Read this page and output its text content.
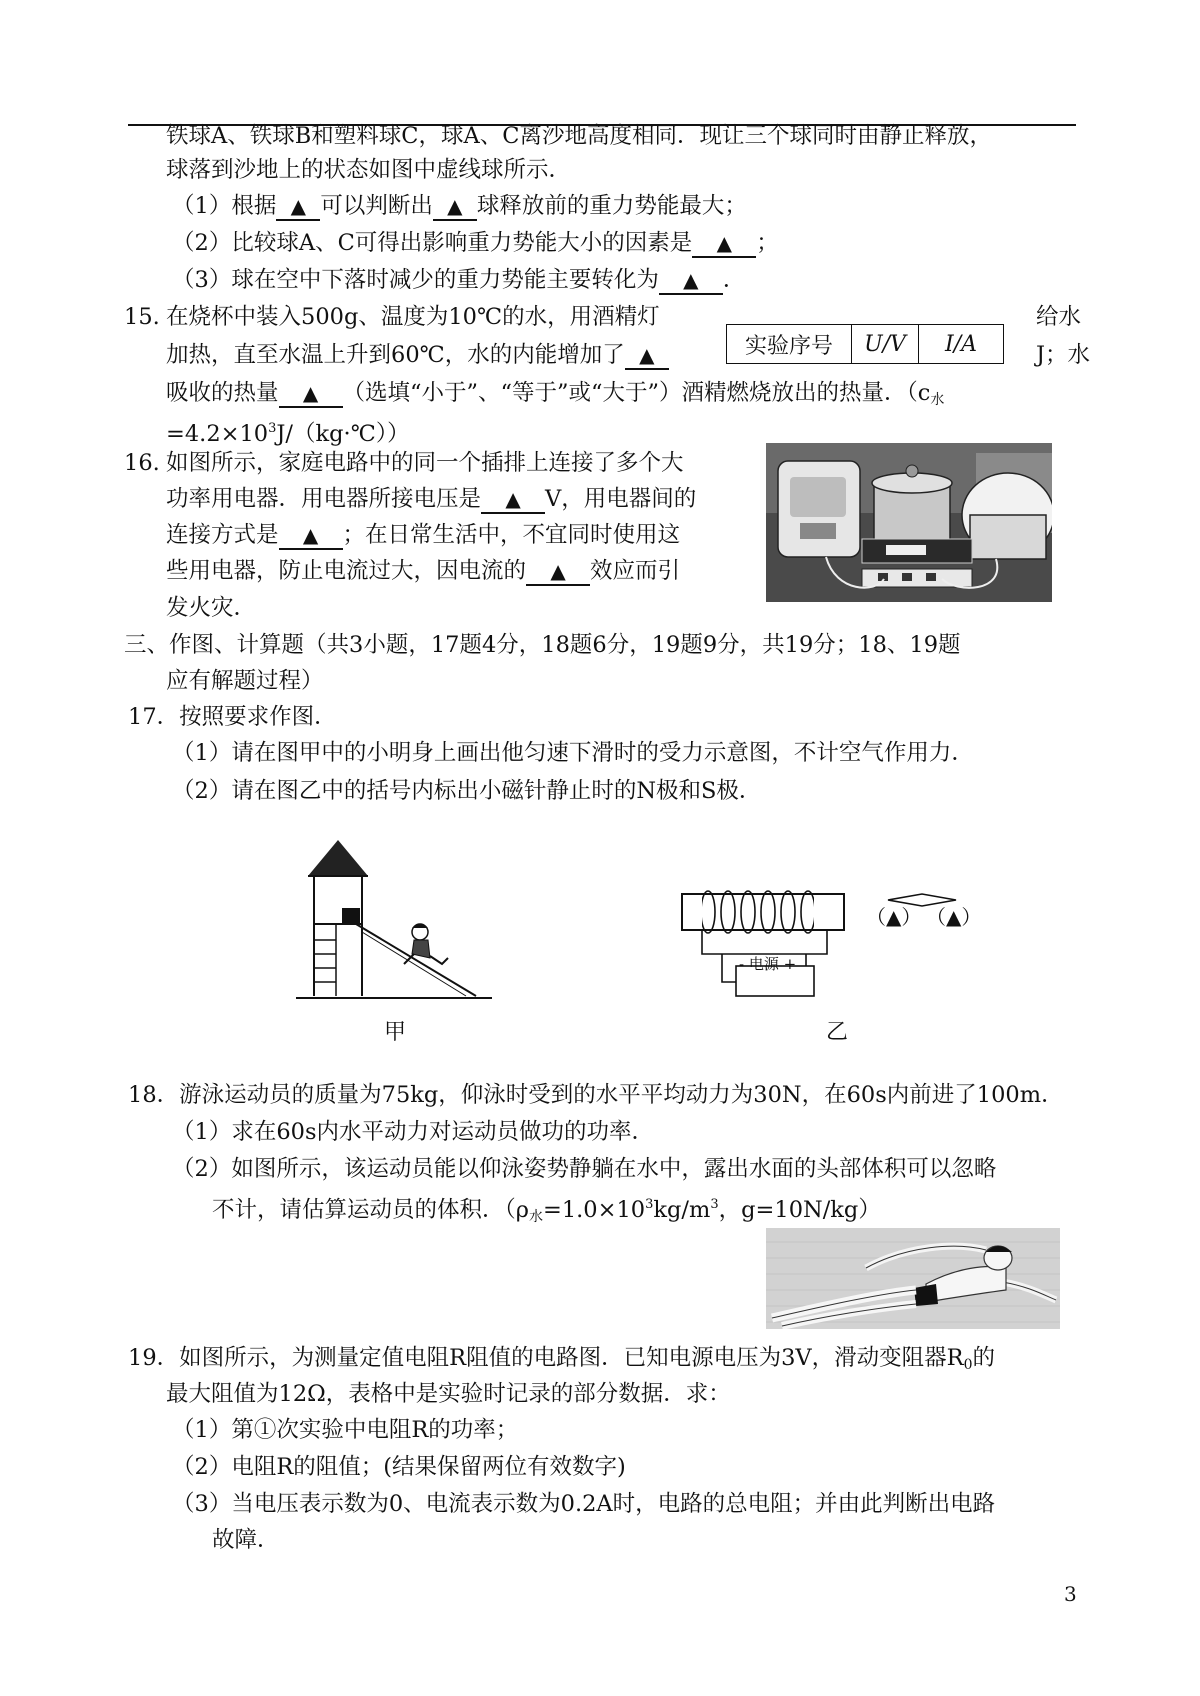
铁球A、铁球B和塑料球C，球A、C离沙地高度相同．现让三个球同时由静止释放，
球落到沙地上的状态如图中虚线球所示．
（1）根据 ▲ 可以判断出 ▲ 球释放前的重力势能最大；
（2）比较球A、C可得出影响重力势能大小的因素是 ▲ ；
（3）球在空中下落时减少的重力势能主要转化为 ▲ ．
15. 在烧杯中装入500g、温度为10℃的水，用酒精灯	给水
实验序号	U/V	I/A
加热，直至水温上升到60℃，水的内能增加了 ▲	J；水
吸收的热量 ▲ （选填“小于”、“等于”或“大于”）酒精燃烧放出的热量．（c水
$=4.2\times 10^3J/(kg\cdot℃)$）
16. 如图所示，家庭电路中的同一个插排上连接了多个大
功率用电器．用电器所接电压是 ▲ V，用电器间的
连接方式是 ▲ ；在日常生活中，不宜同时使用这
些用电器，防止电流过大，因电流的 ▲ 效应而引
发火灾．
三、作图、计算题（共3小题，17题4分，18题6分，19题9分，共19分；18、19题
应有解题过程）
17．按照要求作图．
（1）请在图甲中的小明身上画出他匀速下滑时的受力示意图，不计空气作用力．
（2）请在图乙中的括号内标出小磁针静止时的N极和S极．
甲
- 电源 +
（▲） （▲）
乙
18．游泳运动员的质量为75kg，仰泳时受到的水平平均动力为30N，在60s内前进了100m．
（1）求在60s内水平动力对运动员做功的功率．
（2）如图所示，该运动员能以仰泳姿势静躺在水中，露出水面的头部体积可以忽略
不计，请估算运动员的体积．（ρ水$=1.0\times 10^3kg/m^3$，g=10N/kg）
19．如图所示，为测量定值电阻R阻值的电路图．已知电源电压为3V，滑动变阻器R0的
最大阻值为12Ω，表格中是实验时记录的部分数据．求：
（1）第①次实验中电阻R的功率；
（2）电阻R的阻值；(结果保留两位有效数字)
（3）当电压表示数为0、电流表示数为0.2A时，电路的总电阻；并由此判断出电路
故障．
3
